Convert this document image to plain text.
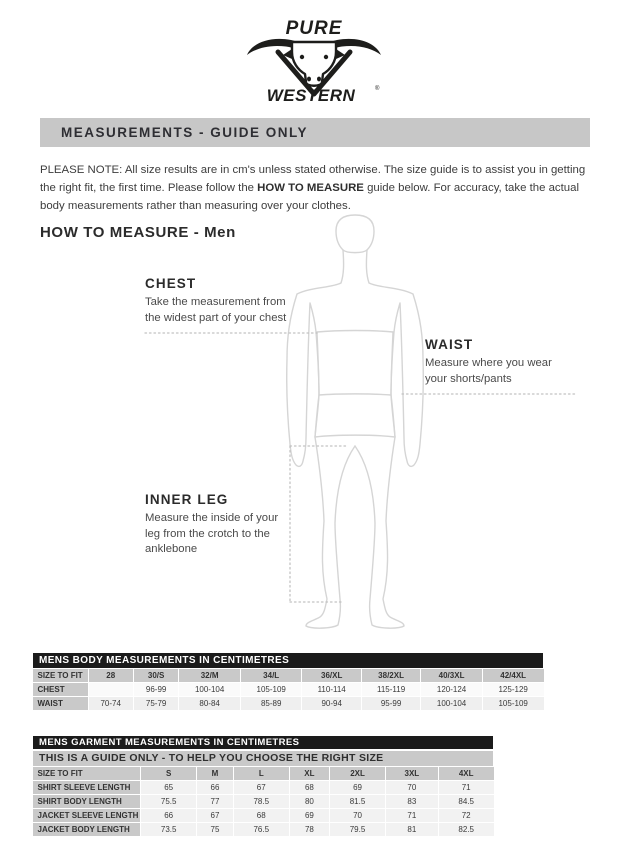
PURE
WESTERN	®
MEASUREMENTS - GUIDE ONLY

PLEASE NOTE: All size results are in cm's unless stated otherwise. The size guide is to assist you in getting the right fit, the first time. Please follow the HOW TO MEASURE guide below. For accuracy, take the actual body measurements rather than measuring over your clothes.

HOW TO MEASURE - Men
CHEST

Take the measurement from
the widest part of your chest

WAIST

Measure where you wear
your shorts/pants

INNER LEG

Measure the inside of your
leg from the crotch to the
anklebone

MENS BODY MEASUREMENTS IN CENTIMETRES
SIZE TO FIT	28	30/S	32/M	34/L	36/XL	38/2XL	40/3XL	42/4XL
CHEST		96-99	100-104	105-109	110-114	115-119	120-124	125-129
WAIST	70-74	75-79	80-84	85-89	90-94	95-99	100-104	105-109
MENS GARMENT MEASUREMENTS IN CENTIMETRES
THIS IS A GUIDE ONLY - TO HELP YOU CHOOSE THE RIGHT SIZE
SIZE TO FIT	S	M	L	XL	2XL	3XL	4XL
SHIRT SLEEVE LENGTH	65	66	67	68	69	70	71
SHIRT BODY LENGTH	75.5	77	78.5	80	81.5	83	84.5
JACKET SLEEVE LENGTH	66	67	68	69	70	71	72
JACKET BODY LENGTH	73.5	75	76.5	78	79.5	81	82.5
